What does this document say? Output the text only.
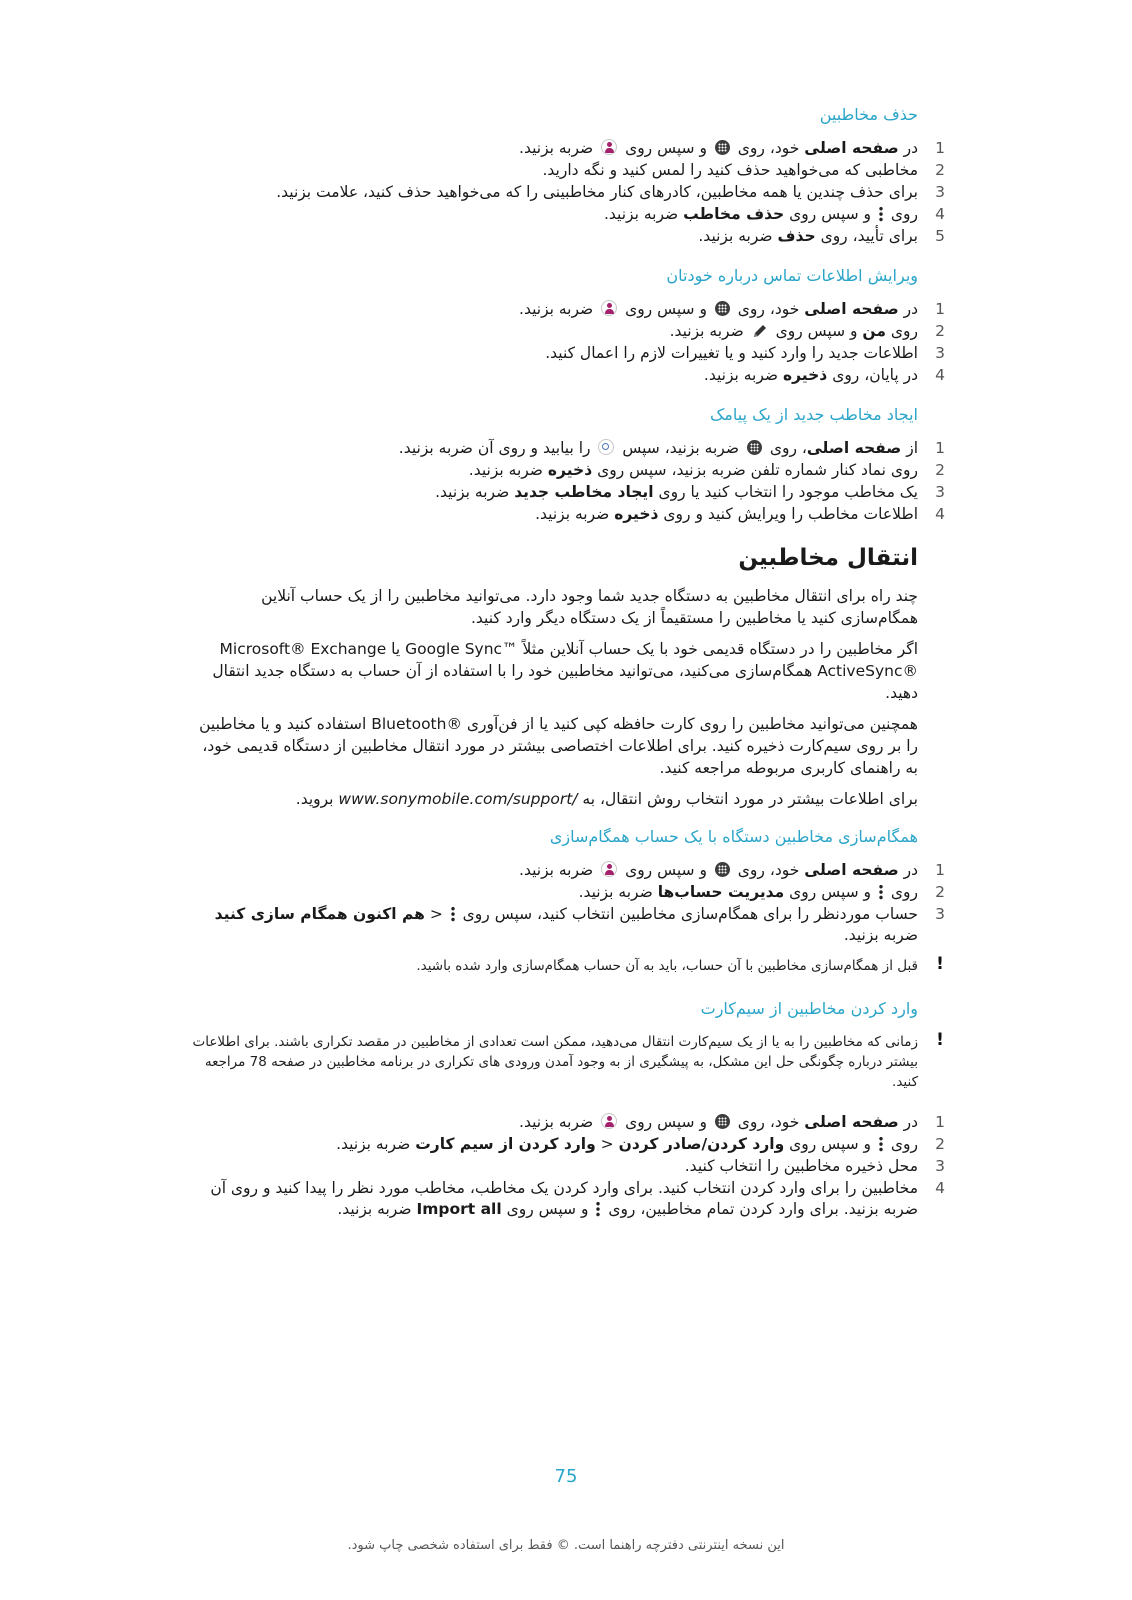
حذف مخاطبین
1
در صفحه اصلی خود، روی  و سپس روی  ضربه بزنید.
2
مخاطبی که می‌خواهید حذف کنید را لمس کنید و نگه دارید.
3
برای حذف چندین یا همه مخاطبین، کادرهای کنار مخاطبینی را که می‌خواهید حذف کنید، علامت بزنید.
4
روی  و سپس روی حذف مخاطب ضربه بزنید.
5
برای تأیید، روی حذف ضربه بزنید.
ویرایش اطلاعات تماس درباره خودتان
1
در صفحه اصلی خود، روی  و سپس روی  ضربه بزنید.
2
روی من و سپس روی  ضربه بزنید.
3
اطلاعات جدید را وارد کنید و یا تغییرات لازم را اعمال کنید.
4
در پایان، روی ذخیره ضربه بزنید.
ایجاد مخاطب جدید از یک پیامک
1
از صفحه اصلی، روی  ضربه بزنید، سپس  را بیابید و روی آن ضربه بزنید.
2
روی نماد کنار شماره تلفن ضربه بزنید، سپس روی ذخیره ضربه بزنید.
3
یک مخاطب موجود را انتخاب کنید یا روی ایجاد مخاطب جدید ضربه بزنید.
4
اطلاعات مخاطب را ویرایش کنید و روی ذخیره ضربه بزنید.
انتقال مخاطبین

چند راه برای انتقال مخاطبین به دستگاه جدید شما وجود دارد. می‌توانید مخاطبین را از یک حساب آنلاین همگام‌سازی کنید یا مخاطبین را مستقیماً از یک دستگاه دیگر وارد کنید.

اگر مخاطبین را در دستگاه قدیمی خود با یک حساب آنلاین مثلاً Google Sync™ یا Microsoft® Exchange ActiveSync® همگام‌سازی می‌کنید، می‌توانید مخاطبین خود را با استفاده از آن حساب به دستگاه جدید انتقال دهید.

همچنین می‌توانید مخاطبین را روی کارت حافظه کپی کنید یا از فن‌آوری Bluetooth® استفاده کنید و یا مخاطبین را بر روی سیم‌کارت ذخیره کنید. برای اطلاعات اختصاصی بیشتر در مورد انتقال مخاطبین از دستگاه قدیمی خود، به راهنمای کاربری مربوطه مراجعه کنید.

برای اطلاعات بیشتر در مورد انتخاب روش انتقال، به www.sonymobile.com/support/ بروید.

همگام‌سازی مخاطبین دستگاه با یک حساب همگام‌سازی
1
در صفحه اصلی خود، روی  و سپس روی  ضربه بزنید.
2
روی  و سپس روی مدیریت حساب‌ها ضربه بزنید.
3
حساب موردنظر را برای همگام‌سازی مخاطبین انتخاب کنید، سپس روی  < هم اکنون همگام سازی کنید ضربه بزنید.
!
قبل از همگام‌سازی مخاطبین با آن حساب، باید به آن حساب همگام‌سازی وارد شده باشید.
وارد کردن مخاطبین از سیم‌کارت
!
زمانی که مخاطبین را به یا از یک سیم‌کارت انتقال می‌دهید، ممکن است تعدادی از مخاطبین در مقصد تکراری باشند. برای اطلاعات بیشتر درباره چگونگی حل این مشکل، به پیشگیری از به وجود آمدن ورودی های تکراری در برنامه مخاطبین در صفحه 78 مراجعه کنید.
1
در صفحه اصلی خود، روی  و سپس روی  ضربه بزنید.
2
روی  و سپس روی وارد کردن/صادر کردن < وارد کردن از سیم کارت ضربه بزنید.
3
محل ذخیره مخاطبین را انتخاب کنید.
4
مخاطبین را برای وارد کردن انتخاب کنید. برای وارد کردن یک مخاطب، مخاطب مورد نظر را پیدا کنید و روی آن ضربه بزنید. برای وارد کردن تمام مخاطبین، روی  و سپس روی Import all ضربه بزنید.
75
این نسخه اینترنتی دفترچه راهنما است. © فقط برای استفاده شخصی چاپ شود.
